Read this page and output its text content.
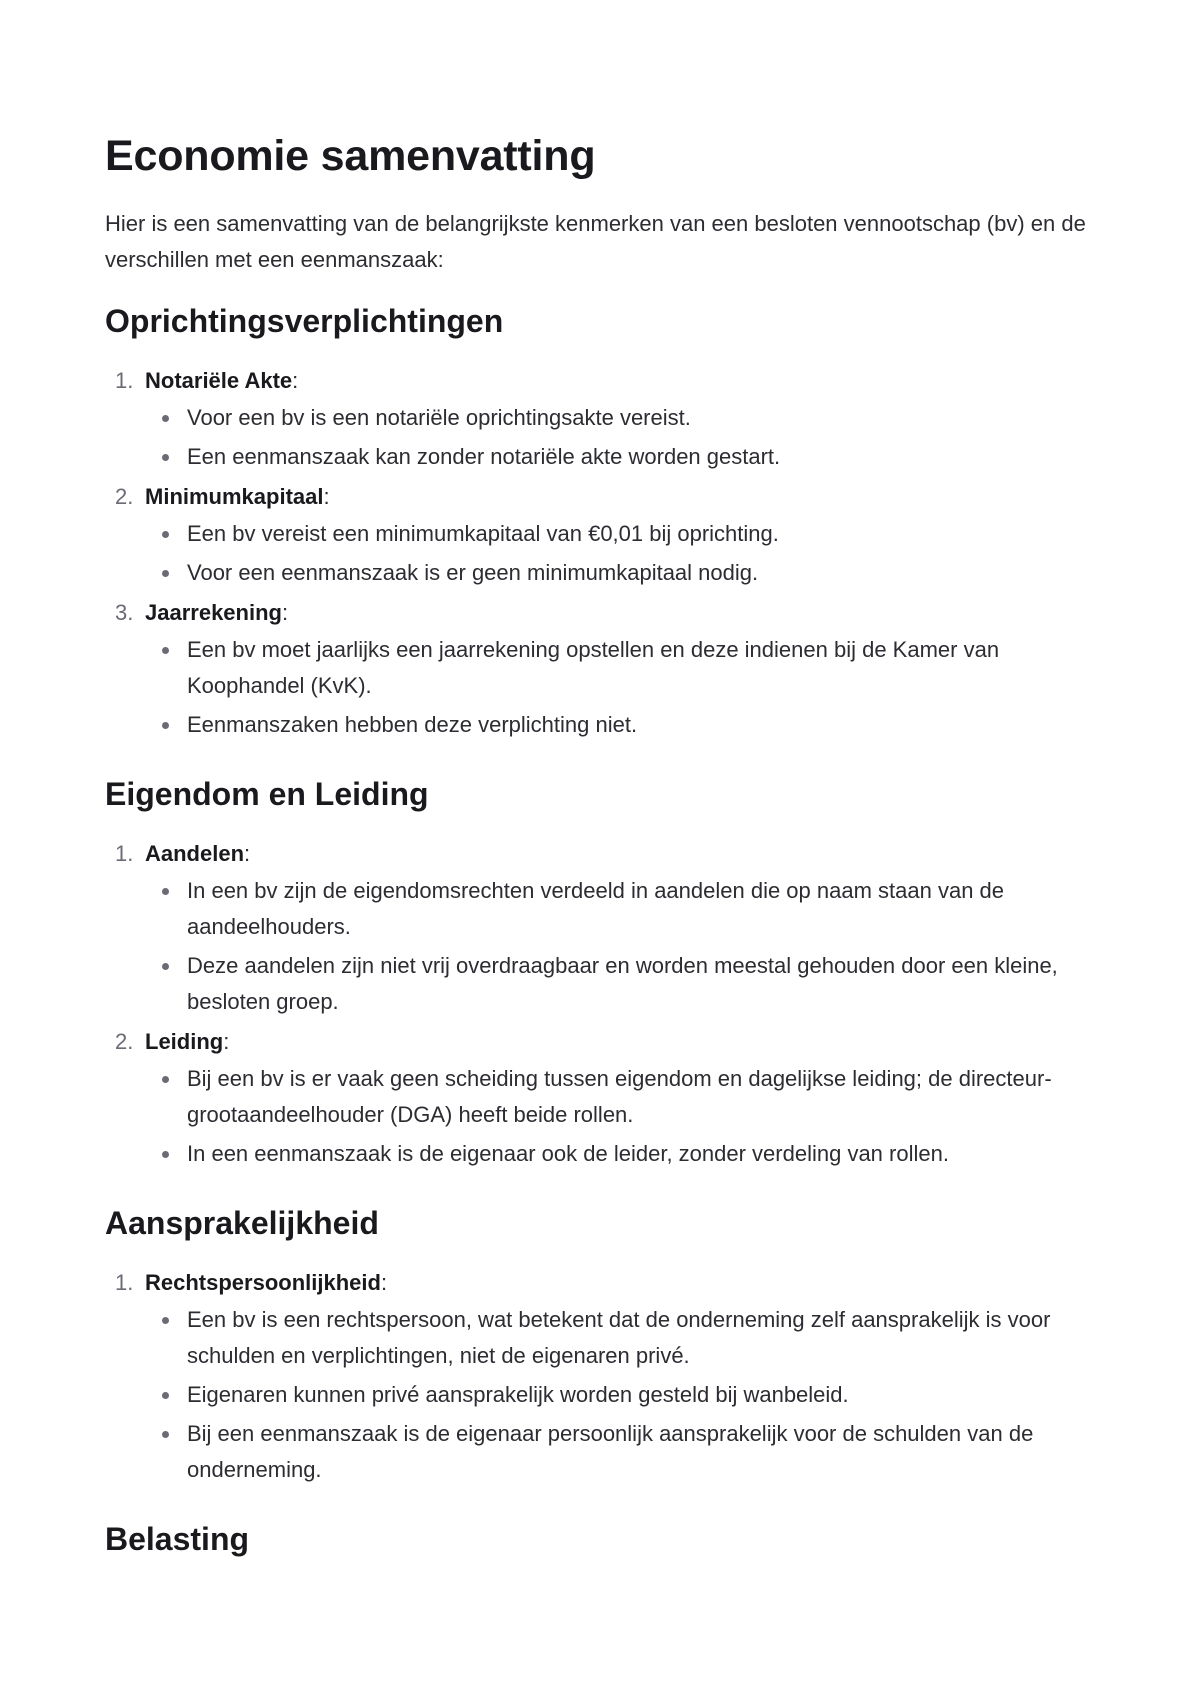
Economie samenvatting

Hier is een samenvatting van de belangrijkste kenmerken van een besloten vennootschap (bv) en de verschillen met een eenmanszaak:

Oprichtingsverplichtingen
1. Notariële Akte:
Voor een bv is een notariële oprichtingsakte vereist.
Een eenmanszaak kan zonder notariële akte worden gestart.
2. Minimumkapitaal:
Een bv vereist een minimumkapitaal van €0,01 bij oprichting.
Voor een eenmanszaak is er geen minimumkapitaal nodig.
3. Jaarrekening:
Een bv moet jaarlijks een jaarrekening opstellen en deze indienen bij de Kamer van Koophandel (KvK).
Eenmanszaken hebben deze verplichting niet.
Eigendom en Leiding
1. Aandelen:
In een bv zijn de eigendomsrechten verdeeld in aandelen die op naam staan van de aandeelhouders.
Deze aandelen zijn niet vrij overdraagbaar en worden meestal gehouden door een kleine, besloten groep.
2. Leiding:
Bij een bv is er vaak geen scheiding tussen eigendom en dagelijkse leiding; de directeur-grootaandeelhouder (DGA) heeft beide rollen.
In een eenmanszaak is de eigenaar ook de leider, zonder verdeling van rollen.
Aansprakelijkheid
1. Rechtspersoonlijkheid:
Een bv is een rechtspersoon, wat betekent dat de onderneming zelf aansprakelijk is voor schulden en verplichtingen, niet de eigenaren privé.
Eigenaren kunnen privé aansprakelijk worden gesteld bij wanbeleid.
Bij een eenmanszaak is de eigenaar persoonlijk aansprakelijk voor de schulden van de onderneming.
Belasting
